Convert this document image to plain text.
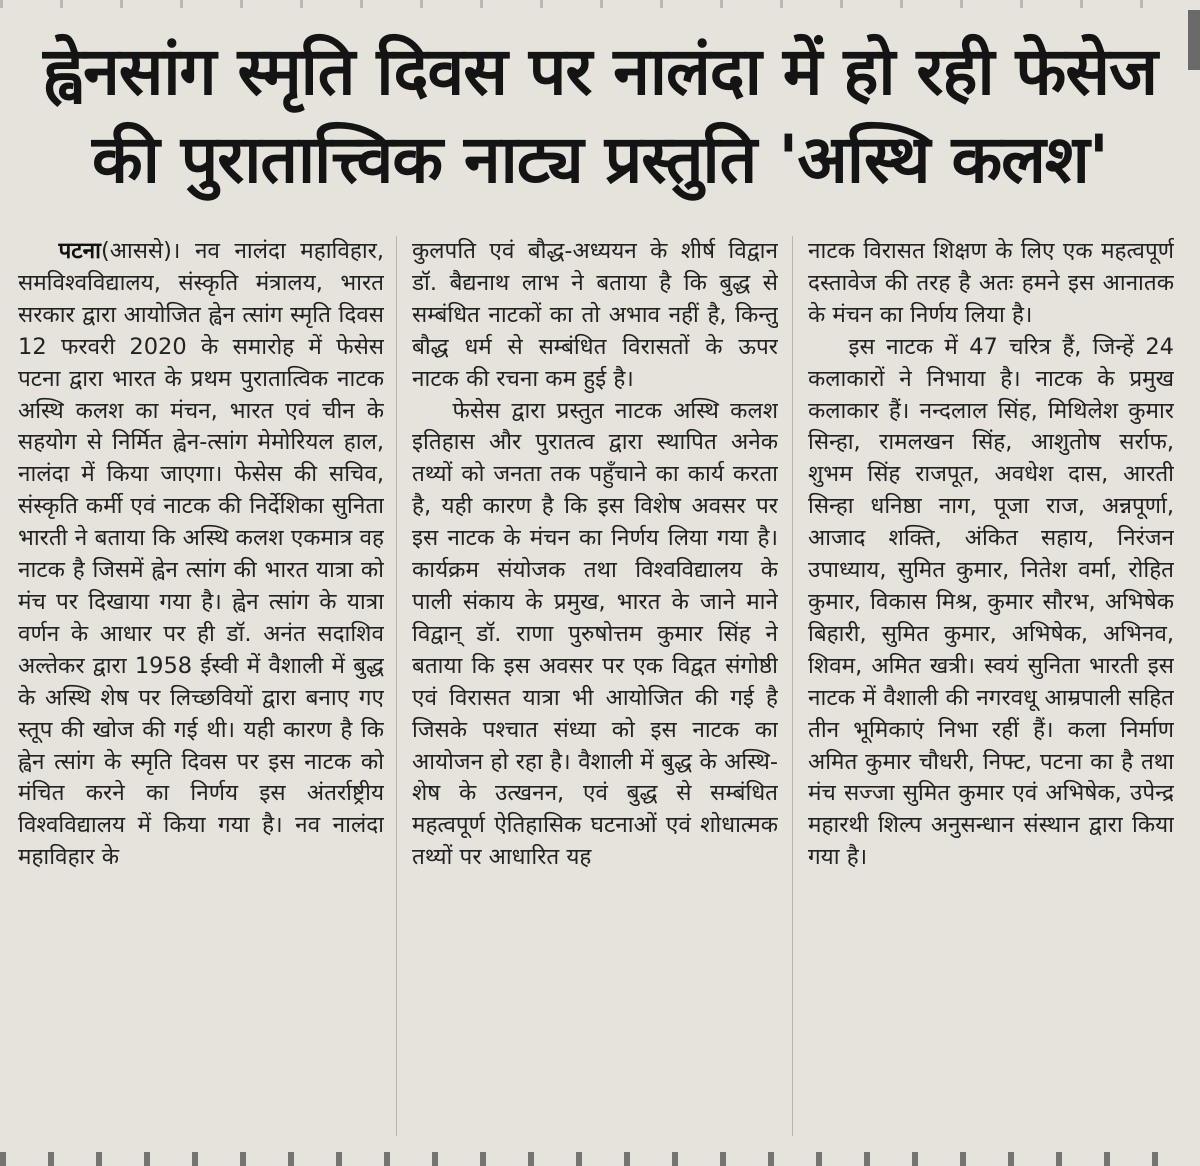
ह्वेनसांग स्मृति दिवस पर नालंदा में हो रही फेसेज
की पुरातात्त्विक नाट्य प्रस्तुति 'अस्थि कलश'

पटना(आससे)। नव नालंदा महाविहार, समविश्वविद्यालय, संस्कृति मंत्रालय, भारत सरकार द्वारा आयोजित ह्वेन त्सांग स्मृति दिवस 12 फरवरी 2020 के समारोह में फेसेस पटना द्वारा भारत के प्रथम पुरातात्विक नाटक अस्थि कलश का मंचन, भारत एवं चीन के सहयोग से निर्मित ह्वेन-त्सांग मेमोरियल हाल, नालंदा में किया जाएगा। फेसेस की सचिव, संस्कृति कर्मी एवं नाटक की निर्देशिका सुनिता भारती ने बताया कि अस्थि कलश एकमात्र वह नाटक है जिसमें ह्वेन त्सांग की भारत यात्रा को मंच पर दिखाया गया है। ह्वेन त्सांग के यात्रा वर्णन के आधार पर ही डॉ. अनंत सदाशिव अल्तेकर द्वारा 1958 ईस्वी में वैशाली में बुद्ध के अस्थि शेष पर लिच्छवियों द्वारा बनाए गए स्तूप की खोज की गई थी। यही कारण है कि ह्वेन त्सांग के स्मृति दिवस पर इस नाटक को मंचित करने का निर्णय इस अंतर्राष्ट्रीय विश्वविद्यालय में किया गया है। नव नालंदा महाविहार के

कुलपति एवं बौद्ध-अध्ययन के शीर्ष विद्वान डॉ. बैद्यनाथ लाभ ने बताया है कि बुद्ध से सम्बंधित नाटकों का तो अभाव नहीं है, किन्तु बौद्ध धर्म से सम्बंधित विरासतों के ऊपर नाटक की रचना कम हुई है।

फेसेस द्वारा प्रस्तुत नाटक अस्थि कलश इतिहास और पुरातत्व द्वारा स्थापित अनेक तथ्यों को जनता तक पहुँचाने का कार्य करता है, यही कारण है कि इस विशेष अवसर पर इस नाटक के मंचन का निर्णय लिया गया है। कार्यक्रम संयोजक तथा विश्वविद्यालय के पाली संकाय के प्रमुख, भारत के जाने माने विद्वान् डॉ. राणा पुरुषोत्तम कुमार सिंह ने बताया कि इस अवसर पर एक विद्वत संगोष्ठी एवं विरासत यात्रा भी आयोजित की गई है जिसके पश्चात संध्या को इस नाटक का आयोजन हो रहा है। वैशाली में बुद्ध के अस्थि-शेष के उत्खनन, एवं बुद्ध से सम्बंधित महत्वपूर्ण ऐतिहासिक घटनाओं एवं शोधात्मक तथ्यों पर आधारित यह

नाटक विरासत शिक्षण के लिए एक महत्वपूर्ण दस्तावेज की तरह है अतः हमने इस आनातक के मंचन का निर्णय लिया है।

इस नाटक में 47 चरित्र हैं, जिन्हें 24 कलाकारों ने निभाया है। नाटक के प्रमुख कलाकार हैं। नन्दलाल सिंह, मिथिलेश कुमार सिन्हा, रामलखन सिंह, आशुतोष सर्राफ, शुभम सिंह राजपूत, अवधेश दास, आरती सिन्हा धनिष्ठा नाग, पूजा राज, अन्नपूर्णा, आजाद शक्ति, अंकित सहाय, निरंजन उपाध्याय, सुमित कुमार, नितेश वर्मा, रोहित कुमार, विकास मिश्र, कुमार सौरभ, अभिषेक बिहारी, सुमित कुमार, अभिषेक, अभिनव, शिवम, अमित खत्री। स्वयं सुनिता भारती इस नाटक में वैशाली की नगरवधू आम्रपाली सहित तीन भूमिकाएं निभा रहीं हैं। कला निर्माण अमित कुमार चौधरी, निफ्ट, पटना का है तथा मंच सज्जा सुमित कुमार एवं अभिषेक, उपेन्द्र महारथी शिल्प अनुसन्धान संस्थान द्वारा किया गया है।
